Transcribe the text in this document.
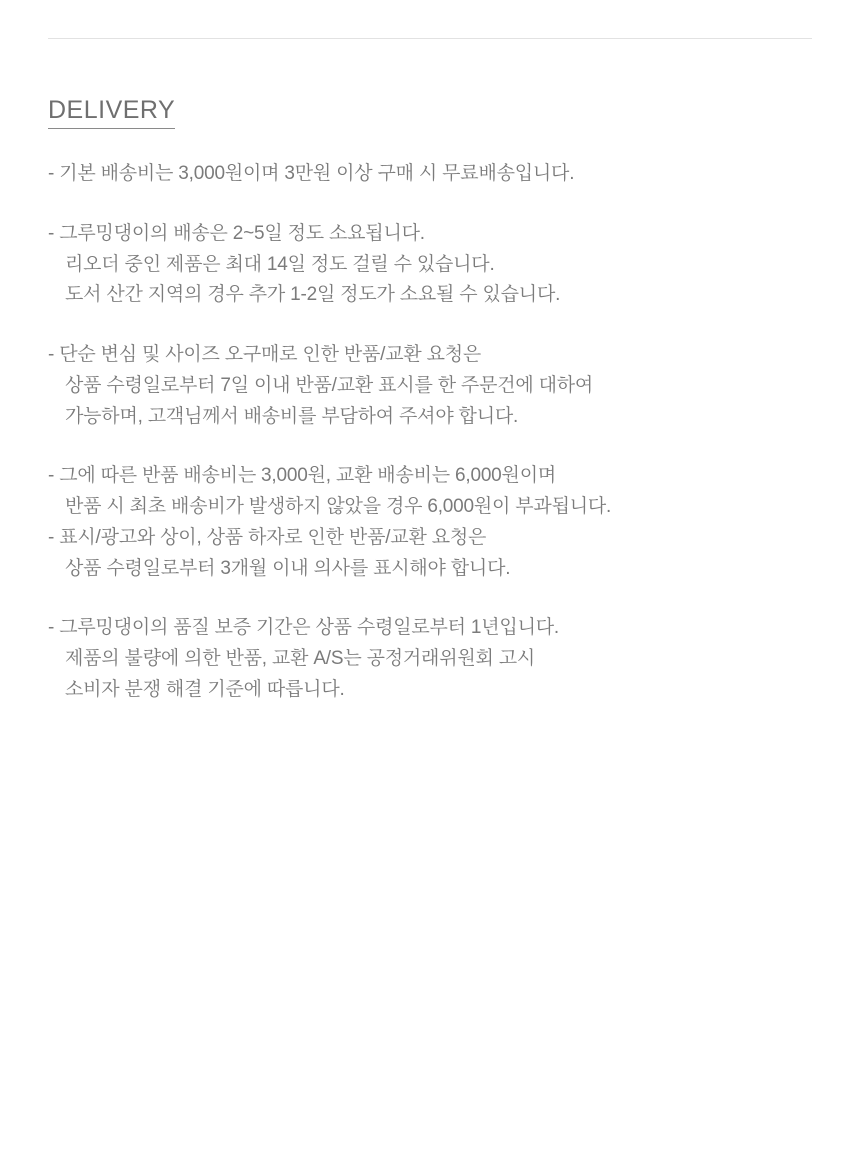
DELIVERY
- 기본 배송비는 3,000원이며 3만원 이상 구매 시 무료배송입니다.
- 그루밍댕이의 배송은 2~5일 정도 소요됩니다.
리오더 중인 제품은 최대 14일 정도 걸릴 수 있습니다.
도서 산간 지역의 경우 추가 1-2일 정도가 소요될 수 있습니다.
- 단순 변심 및 사이즈 오구매로 인한 반품/교환 요청은
상품 수령일로부터 7일 이내 반품/교환 표시를 한 주문건에 대하여
가능하며, 고객님께서 배송비를 부담하여 주셔야 합니다.
- 그에 따른 반품 배송비는 3,000원, 교환 배송비는 6,000원이며
반품 시 최초 배송비가 발생하지 않았을 경우 6,000원이 부과됩니다.
- 표시/광고와 상이, 상품 하자로 인한 반품/교환 요청은
상품 수령일로부터 3개월 이내 의사를 표시해야 합니다.
- 그루밍댕이의 품질 보증 기간은 상품 수령일로부터 1년입니다.
제품의 불량에 의한 반품, 교환 A/S는 공정거래위원회 고시
소비자 분쟁 해결 기준에 따릅니다.
